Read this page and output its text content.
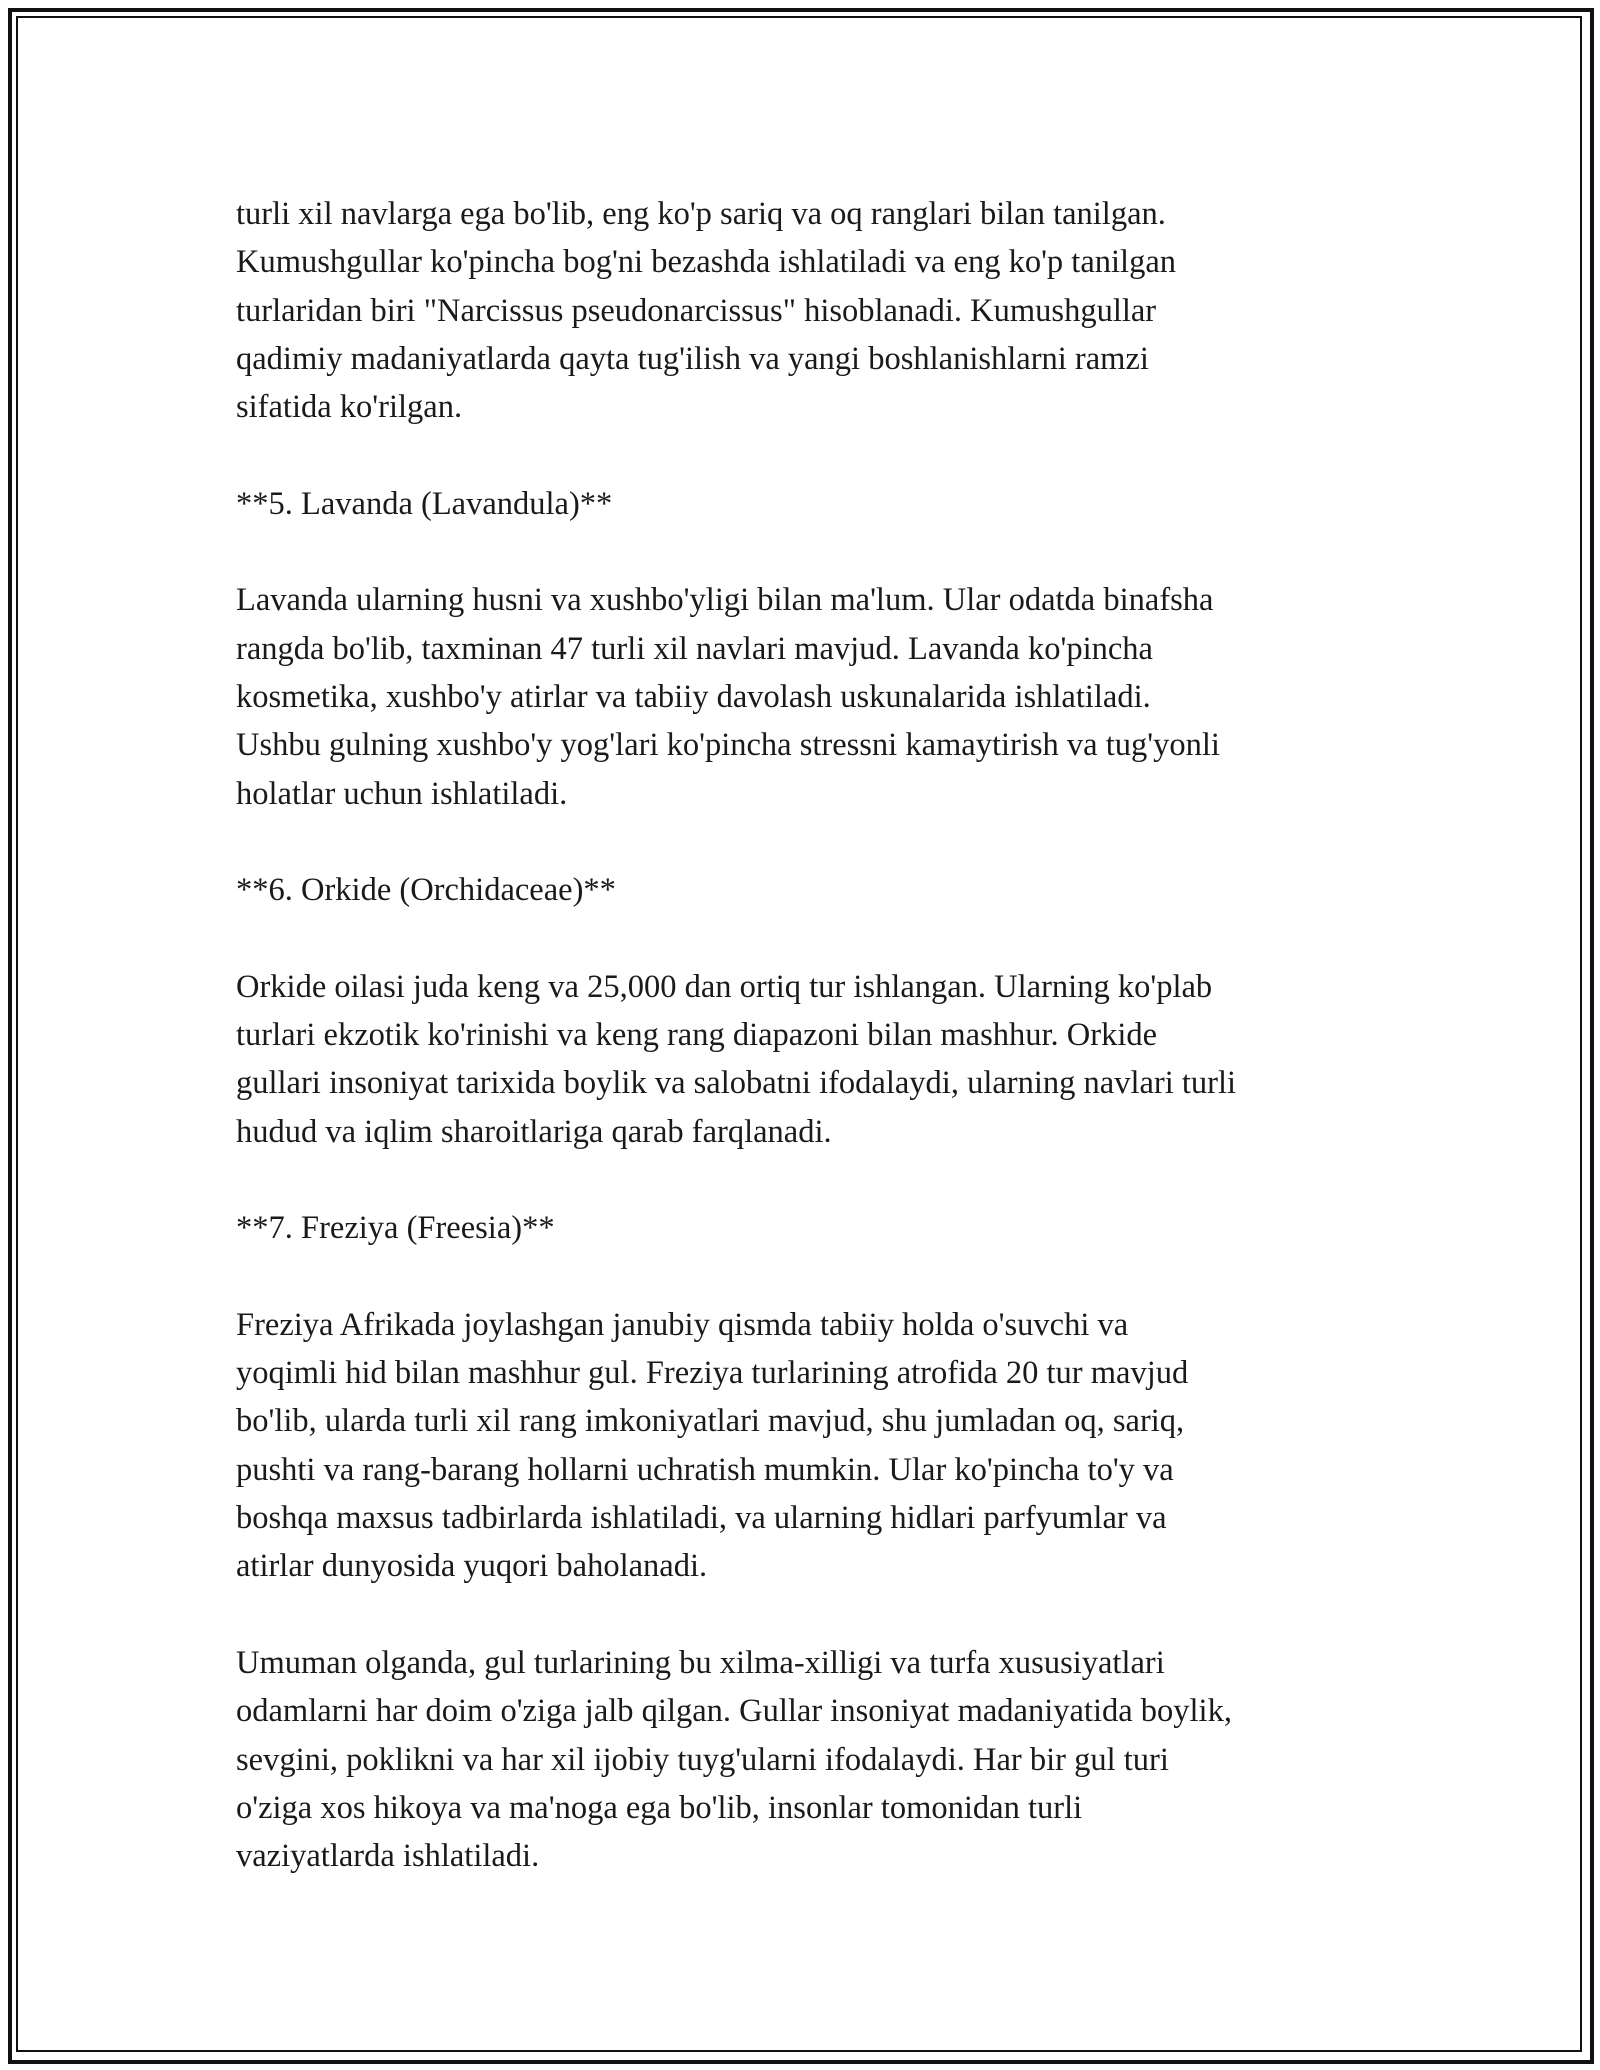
turli xil navlarga ega bo'lib, eng ko'p sariq va oq ranglari bilan tanilgan.
Kumushgullar ko'pincha bog'ni bezashda ishlatiladi va eng ko'p tanilgan
turlaridan biri "Narcissus pseudonarcissus" hisoblanadi. Kumushgullar
qadimiy madaniyatlarda qayta tug'ilish va yangi boshlanishlarni ramzi
sifatida ko'rilgan.

**5. Lavanda (Lavandula)**

Lavanda ularning husni va xushbo'yligi bilan ma'lum. Ular odatda binafsha
rangda bo'lib, taxminan 47 turli xil navlari mavjud. Lavanda ko'pincha
kosmetika, xushbo'y atirlar va tabiiy davolash uskunalarida ishlatiladi.
Ushbu gulning xushbo'y yog'lari ko'pincha stressni kamaytirish va tug'yonli
holatlar uchun ishlatiladi.

**6. Orkide (Orchidaceae)**

Orkide oilasi juda keng va 25,000 dan ortiq tur ishlangan. Ularning ko'plab
turlari ekzotik ko'rinishi va keng rang diapazoni bilan mashhur. Orkide
gullari insoniyat tarixida boylik va salobatni ifodalaydi, ularning navlari turli
hudud va iqlim sharoitlariga qarab farqlanadi.

**7. Freziya (Freesia)**

Freziya Afrikada joylashgan janubiy qismda tabiiy holda o'suvchi va
yoqimli hid bilan mashhur gul. Freziya turlarining atrofida 20 tur mavjud
bo'lib, ularda turli xil rang imkoniyatlari mavjud, shu jumladan oq, sariq,
pushti va rang-barang hollarni uchratish mumkin. Ular ko'pincha to'y va
boshqa maxsus tadbirlarda ishlatiladi, va ularning hidlari parfyumlar va
atirlar dunyosida yuqori baholanadi.

Umuman olganda, gul turlarining bu xilma-xilligi va turfa xususiyatlari
odamlarni har doim o'ziga jalb qilgan. Gullar insoniyat madaniyatida boylik,
sevgini, poklikni va har xil ijobiy tuyg'ularni ifodalaydi. Har bir gul turi
o'ziga xos hikoya va ma'noga ega bo'lib, insonlar tomonidan turli
vaziyatlarda ishlatiladi.
